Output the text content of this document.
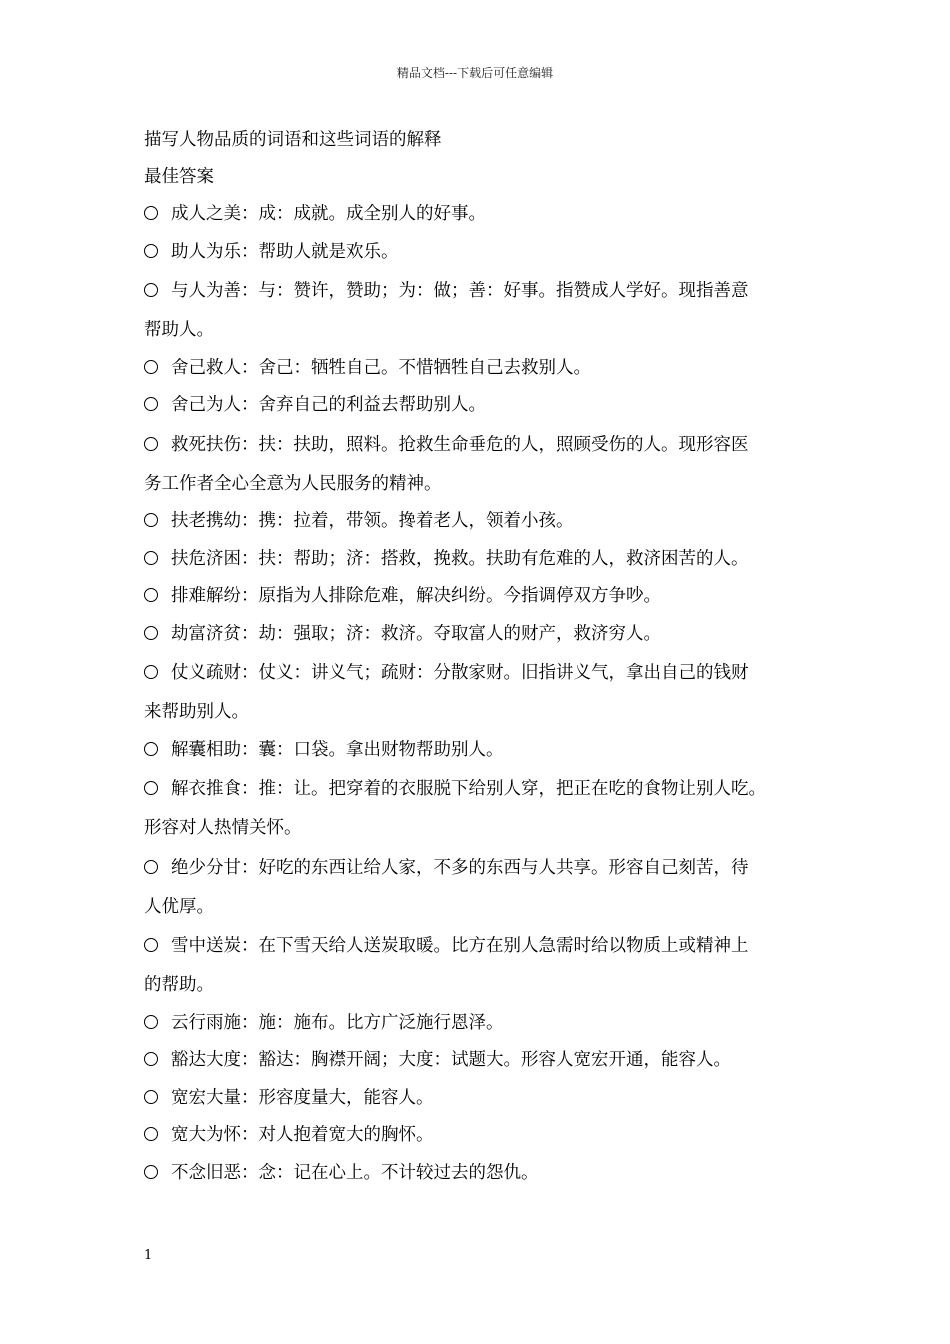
精品文档---下载后可任意编辑
描写人物品质的词语和这些词语的解释
最佳答案
成人之美：成：成就。成全别人的好事。
助人为乐：帮助人就是欢乐。
与人为善：与：赞许，赞助；为：做；善：好事。指赞成人学好。现指善意
帮助人。
舍己救人：舍己：牺牲自己。不惜牺牲自己去救别人。
舍己为人：舍弃自己的利益去帮助别人。
救死扶伤：扶：扶助，照料。抢救生命垂危的人，照顾受伤的人。现形容医
务工作者全心全意为人民服务的精神。
扶老携幼：携：拉着，带领。搀着老人，领着小孩。
扶危济困：扶：帮助；济：搭救，挽救。扶助有危难的人，救济困苦的人。
排难解纷：原指为人排除危难，解决纠纷。今指调停双方争吵。
劫富济贫：劫：强取；济：救济。夺取富人的财产，救济穷人。
仗义疏财：仗义：讲义气；疏财：分散家财。旧指讲义气，拿出自己的钱财
来帮助别人。
解囊相助：囊：口袋。拿出财物帮助别人。
解衣推食：推：让。把穿着的衣服脱下给别人穿，把正在吃的食物让别人吃。
形容对人热情关怀。
绝少分甘：好吃的东西让给人家，不多的东西与人共享。形容自己刻苦，待
人优厚。
雪中送炭：在下雪天给人送炭取暖。比方在别人急需时给以物质上或精神上
的帮助。
云行雨施：施：施布。比方广泛施行恩泽。
豁达大度：豁达：胸襟开阔；大度：试题大。形容人宽宏开通，能容人。
宽宏大量：形容度量大，能容人。
宽大为怀：对人抱着宽大的胸怀。
不念旧恶：念：记在心上。不计较过去的怨仇。
1
